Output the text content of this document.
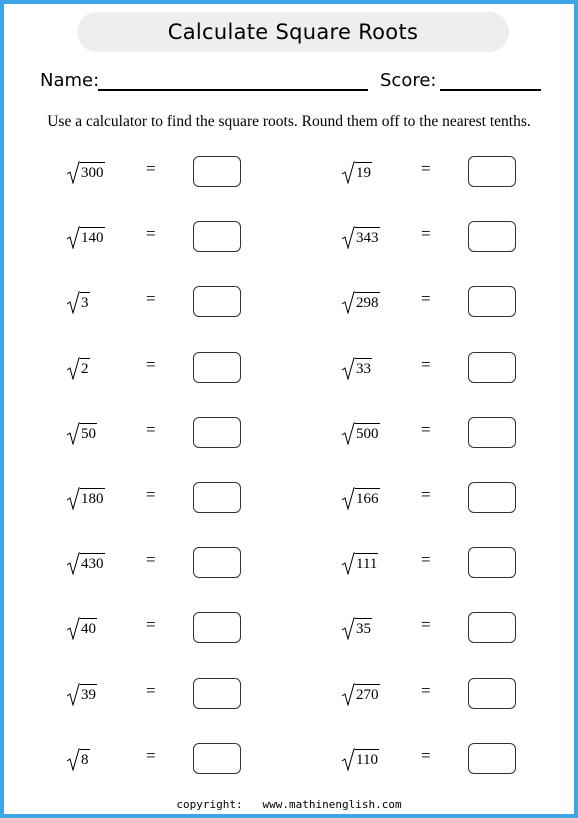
Calculate Square Roots
Name:	Score:
Use a calculator to find the square roots. Round them off to the nearest tenths.
300	=
140	=
3	=
2	=
50	=
180	=
430	=
40	=
39	=
8	=
19	=
343	=
298	=
33	=
500	=
166	=
111	=
35	=
270	=
110	=
copyright: www.mathinenglish.com
